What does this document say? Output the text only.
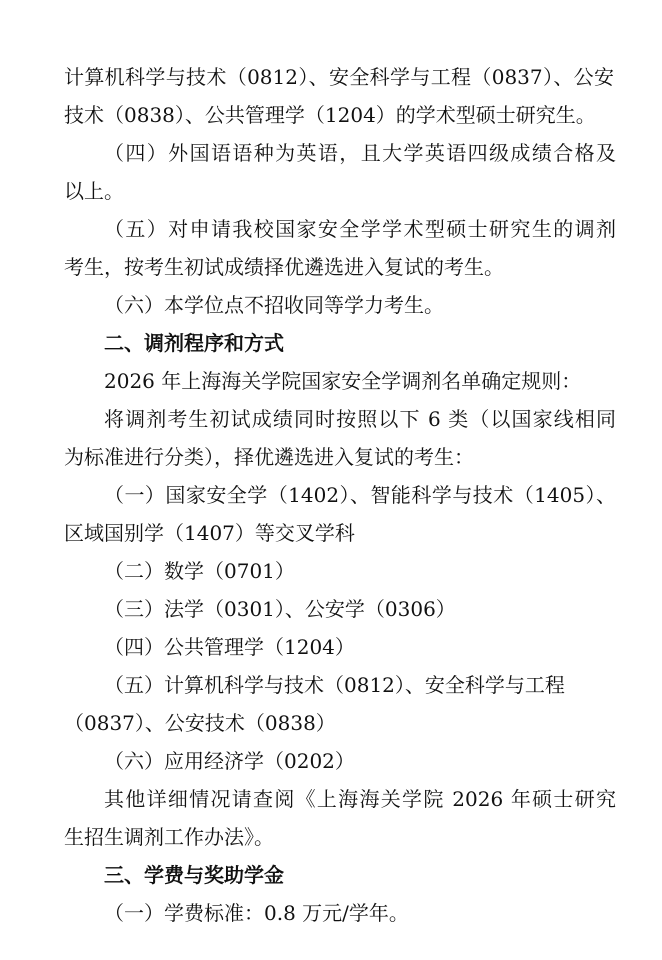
计算机科学与技术（0812）、安全科学与工程（0837）、公安
技术（0838）、公共管理学（1204）的学术型硕士研究生。
（四）外国语语种为英语，且大学英语四级成绩合格及
以上。
（五）对申请我校国家安全学学术型硕士研究生的调剂
考生，按考生初试成绩择优遴选进入复试的考生。
（六）本学位点不招收同等学力考生。
二、调剂程序和方式
2026 年上海海关学院国家安全学调剂名单确定规则：
将调剂考生初试成绩同时按照以下 6 类（以国家线相同
为标准进行分类），择优遴选进入复试的考生：
（一）国家安全学（1402）、智能科学与技术（1405）、
区域国别学（1407）等交叉学科
（二）数学（0701）
（三）法学（0301）、公安学（0306）
（四）公共管理学（1204）
（五）计算机科学与技术（0812）、安全科学与工程
（0837）、公安技术（0838）
（六）应用经济学（0202）
其他详细情况请查阅《上海海关学院 2026 年硕士研究
生招生调剂工作办法》。
三、学费与奖助学金
（一）学费标准：0.8 万元/学年。
